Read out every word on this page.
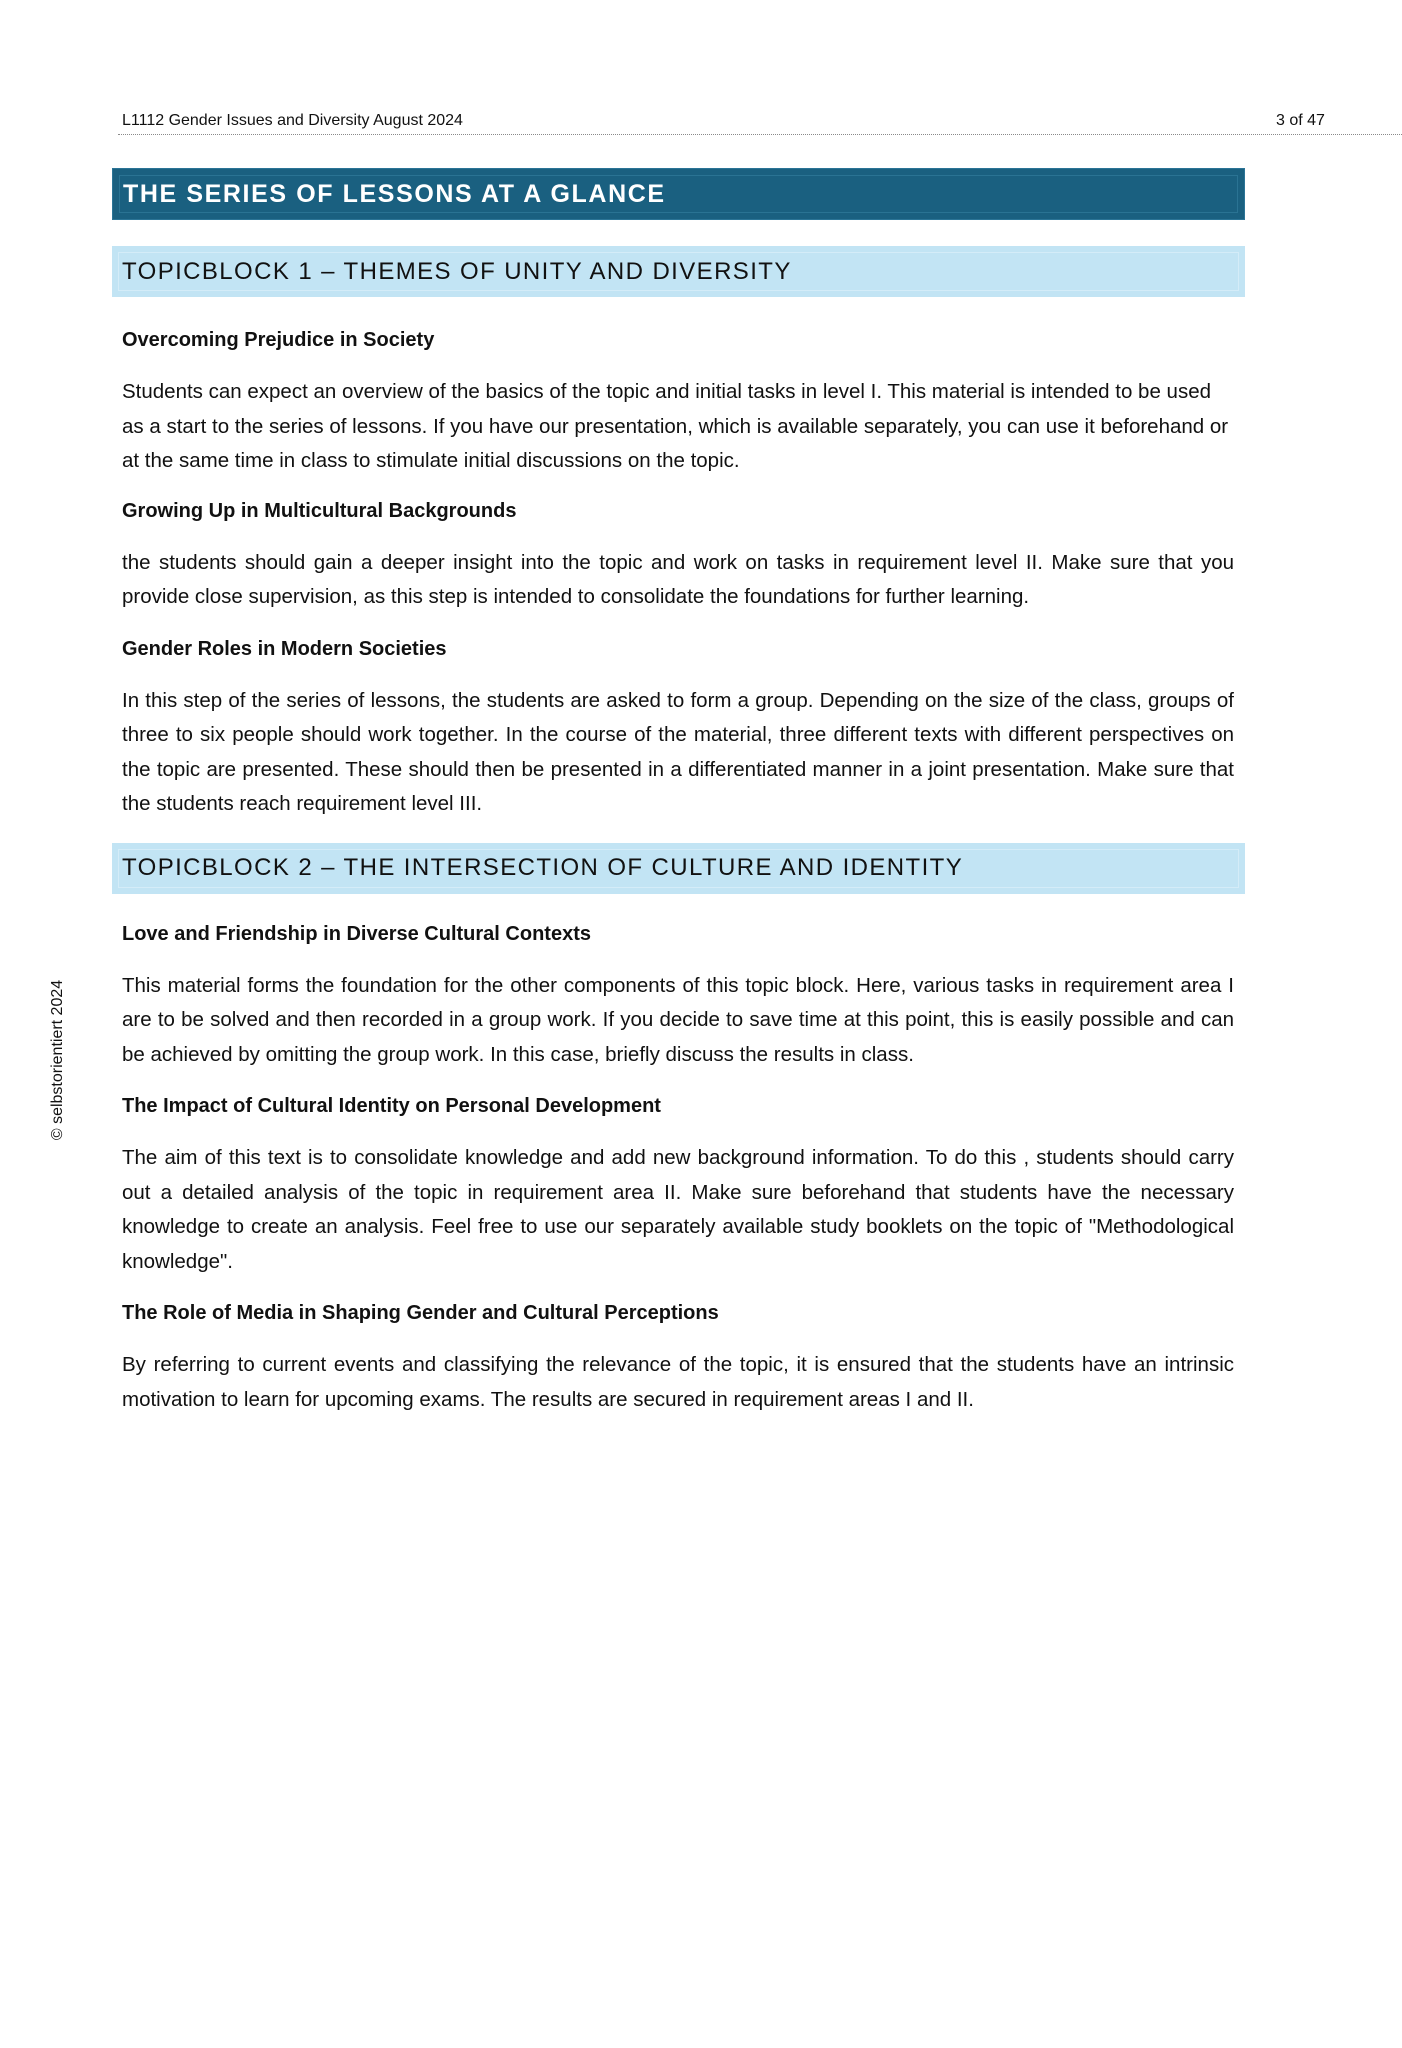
L1112 Gender Issues and Diversity August 2024	3 of 47
© selbstorientiert 2024
THE SERIES OF LESSONS AT A GLANCE
TOPICBLOCK 1 – THEMES OF UNITY AND DIVERSITY
Overcoming Prejudice in Society
Students can expect an overview of the basics of the topic and initial tasks in level I. This material is intended to be used as a start to the series of lessons. If you have our presentation, which is available separately, you can use it beforehand or at the same time in class to stimulate initial discussions on the topic.
Growing Up in Multicultural Backgrounds
the students should gain a deeper insight into the topic and work on tasks in requirement level II. Make sure that you provide close supervision, as this step is intended to consolidate the foundations for further learning.
Gender Roles in Modern Societies
In this step of the series of lessons, the students are asked to form a group. Depending on the size of the class, groups of three to six people should work together. In the course of the material, three different texts with different perspectives on the topic are presented. These should then be presented in a differentiated manner in a joint presentation. Make sure that the students reach requirement level III.
TOPICBLOCK 2 – THE INTERSECTION OF CULTURE AND IDENTITY
Love and Friendship in Diverse Cultural Contexts
This material forms the foundation for the other components of this topic block. Here, various tasks in requirement area I are to be solved and then recorded in a group work. If you decide to save time at this point, this is easily possible and can be achieved by omitting the group work. In this case, briefly discuss the results in class.
The Impact of Cultural Identity on Personal Development
The aim of this text is to consolidate knowledge and add new background information. To do this , students should carry out a detailed analysis of the topic in requirement area II. Make sure beforehand that students have the necessary knowledge to create an analysis. Feel free to use our separately available study booklets on the topic of "Methodological knowledge".
The Role of Media in Shaping Gender and Cultural Perceptions
By referring to current events and classifying the relevance of the topic, it is ensured that the students have an intrinsic motivation to learn for upcoming exams. The results are secured in requirement areas I and II.
